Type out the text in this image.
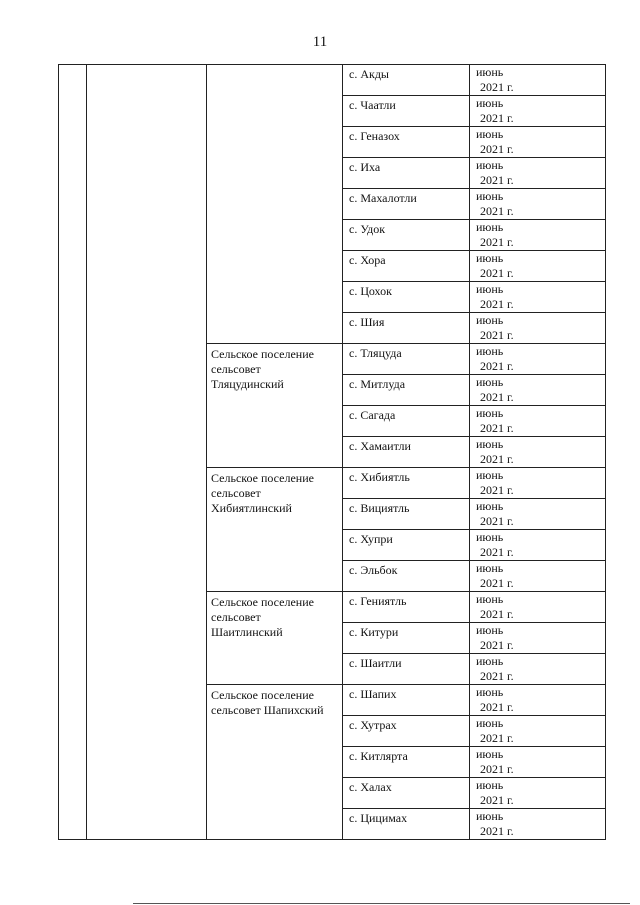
11
			с. Акды	июнь
2021 г.

			с. Чаатли	июнь
2021 г.

			с. Геназох	июнь
2021 г.

			с. Иха	июнь
2021 г.

			с. Махалотли	июнь
2021 г.

			с. Удок	июнь
2021 г.

			с. Хора	июнь
2021 г.

			с. Цохок	июнь
2021 г.

			с. Шия	июнь
2021 г.

		Сельское поселение
сельсовет
Тляцудинский	с. Тляцуда	июнь
2021 г.

			с. Митлуда	июнь
2021 г.

			с. Сагада	июнь
2021 г.

			с. Хамаитли	июнь
2021 г.

		Сельское поселение
сельсовет
Хибиятлинский	с. Хибиятль	июнь
2021 г.

			с. Вициятль	июнь
2021 г.

			с. Хупри	июнь
2021 г.

			с. Эльбок	июнь
2021 г.

		Сельское поселение
сельсовет
Шаитлинский	с. Гениятль	июнь
2021 г.

			с. Китури	июнь
2021 г.

			с. Шаитли	июнь
2021 г.

		Сельское поселение
сельсовет Шапихский	с. Шапих	июнь
2021 г.

			с. Хутрах	июнь
2021 г.

			с. Китлярта	июнь
2021 г.

			с. Халах	июнь
2021 г.

			с. Цицимах	июнь
2021 г.
